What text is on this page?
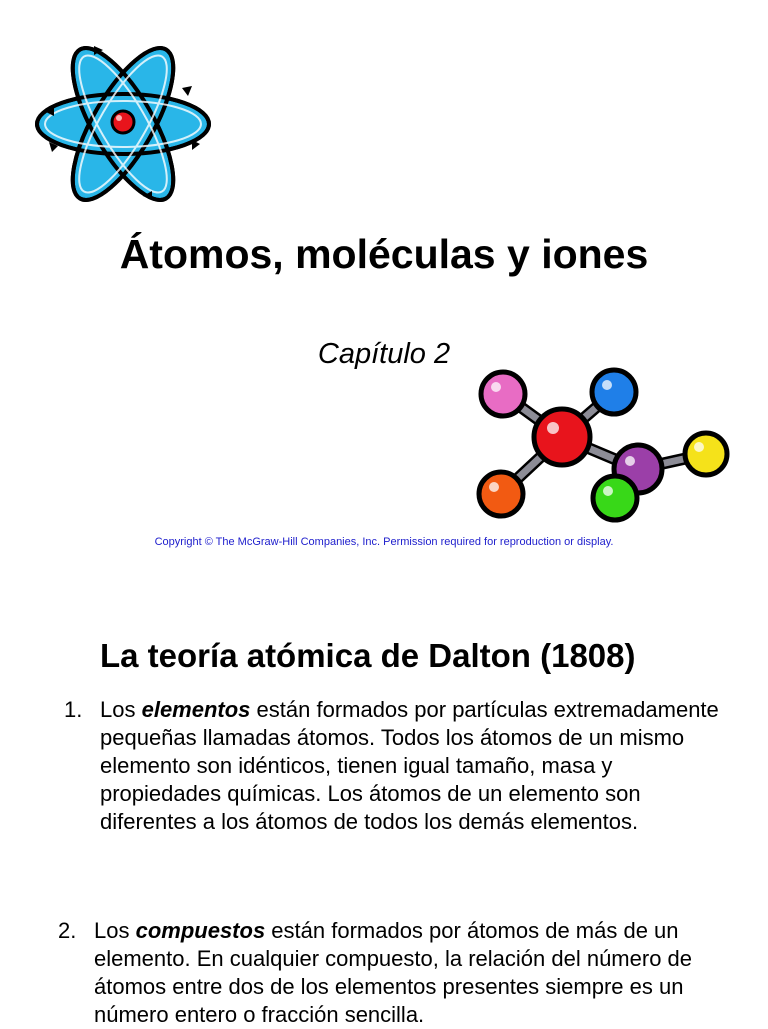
Átomos, moléculas y iones
Capítulo 2
Copyright © The McGraw-Hill Companies, Inc. Permission required for reproduction or display.
La teoría atómica de Dalton (1808)
1. Los elementos están formados por partículas extremadamente pequeñas llamadas átomos. Todos los átomos de un mismo elemento son idénticos, tienen igual tamaño, masa y propiedades químicas. Los átomos de un elemento son diferentes a los átomos de todos los demás elementos.
2. Los compuestos están formados por átomos de más de un elemento. En cualquier compuesto, la relación del número de átomos entre dos de los elementos presentes siempre es un número entero o fracción sencilla.
